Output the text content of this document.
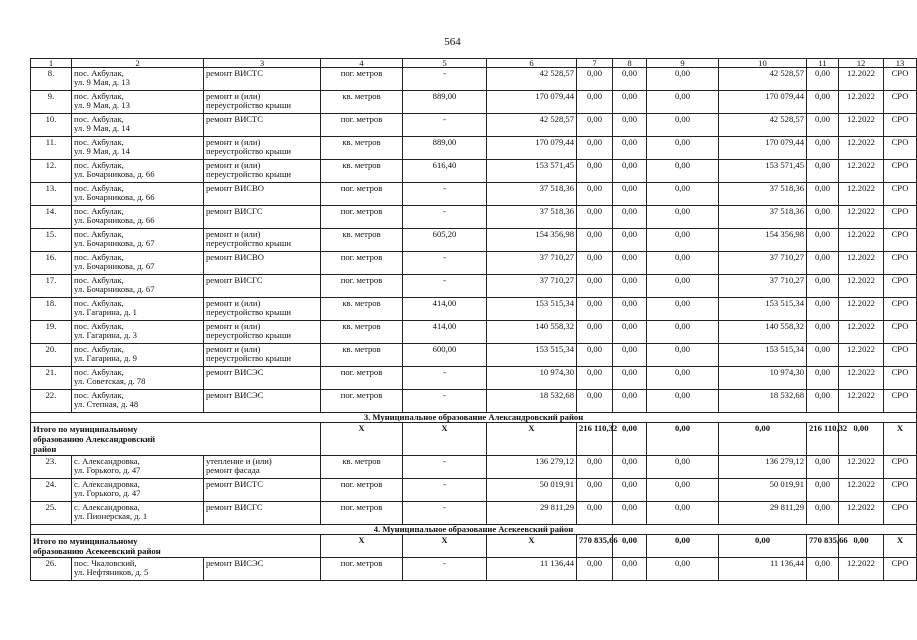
564
1	2	3	4	5	6	7	8	9	10	11	12	13	
8.	пос. Акбулак,
ул. 9 Мая, д. 13	ремонт ВИСТС	пог. метров	-	42 528,57	0,00	0,00	0,00	42 528,57	0,00	12.2022	СРО	
9.	пос. Акбулак,
ул. 9 Мая, д. 13	ремонт и (или)
переустройство крыши	кв. метров	889,00	170 079,44	0,00	0,00	0,00	170 079,44	0,00	12.2022	СРО	
10.	пос. Акбулак,
ул. 9 Мая, д. 14	ремонт ВИСТС	пог. метров	-	42 528,57	0,00	0,00	0,00	42 528,57	0,00	12.2022	СРО	
11.	пос. Акбулак,
ул. 9 Мая, д. 14	ремонт и (или)
переустройство крыши	кв. метров	889,00	170 079,44	0,00	0,00	0,00	170 079,44	0,00	12.2022	СРО	
12.	пос. Акбулак,
ул. Бочарникова, д. 66	ремонт и (или)
переустройство крыши	кв. метров	616,40	153 571,45	0,00	0,00	0,00	153 571,45	0,00	12.2022	СРО	
13.	пос. Акбулак,
ул. Бочарникова, д. 66	ремонт ВИСВО	пог. метров	-	37 518,36	0,00	0,00	0,00	37 518,36	0,00	12.2022	СРО	
14.	пос. Акбулак,
ул. Бочарникова, д. 66	ремонт ВИСГС	пог. метров	-	37 518,36	0,00	0,00	0,00	37 518,36	0,00	12.2022	СРО	
15.	пос. Акбулак,
ул. Бочарникова, д. 67	ремонт и (или)
переустройство крыши	кв. метров	605,20	154 356,98	0,00	0,00	0,00	154 356,98	0,00	12.2022	СРО	
16.	пос. Акбулак,
ул. Бочарникова, д. 67	ремонт ВИСВО	пог. метров	-	37 710,27	0,00	0,00	0,00	37 710,27	0,00	12.2022	СРО	
17.	пос. Акбулак,
ул. Бочарникова, д. 67	ремонт ВИСГС	пог. метров	-	37 710,27	0,00	0,00	0,00	37 710,27	0,00	12.2022	СРО	
18.	пос. Акбулак,
ул. Гагарина, д. 1	ремонт и (или)
переустройство крыши	кв. метров	414,00	153 515,34	0,00	0,00	0,00	153 515,34	0,00	12.2022	СРО	
19.	пос. Акбулак,
ул. Гагарина, д. 3	ремонт и (или)
переустройство крыши	кв. метров	414,00	140 558,32	0,00	0,00	0,00	140 558,32	0,00	12.2022	СРО	
20.	пос. Акбулак,
ул. Гагарина, д. 9	ремонт и (или)
переустройство крыши	кв. метров	600,00	153 515,34	0,00	0,00	0,00	153 515,34	0,00	12.2022	СРО	
21.	пос. Акбулак,
ул. Советская, д. 78	ремонт ВИСЭС	пог. метров	-	10 974,30	0,00	0,00	0,00	10 974,30	0,00	12.2022	СРО	
22.	пос. Акбулак,
ул. Степная, д. 48	ремонт ВИСЭС	пог. метров	-	18 532,68	0,00	0,00	0,00	18 532,68	0,00	12.2022	СРО	
3. Муниципальное образование Александровский район													
Итого по муниципальному
образованию Александровский
район			X	X	X	216 110,32	0,00	0,00	0,00	216 110,32	0,00	X	
23.	с. Александровка,
ул. Горького, д. 47	утепление и (или)
ремонт фасада	кв. метров	-	136 279,12	0,00	0,00	0,00	136 279,12	0,00	12.2022	СРО	
24.	с. Александровка,
ул. Горького, д. 47	ремонт ВИСТС	пог. метров	-	50 019,91	0,00	0,00	0,00	50 019,91	0,00	12.2022	СРО	
25.	с. Александровка,
ул. Пионерская, д. 1	ремонт ВИСГС	пог. метров	-	29 811,29	0,00	0,00	0,00	29 811,29	0,00	12.2022	СРО	
4. Муниципальное образование Асекеевский район													
Итого по муниципальному
образованию Асекеевский район			X	X	X	770 835,66	0,00	0,00	0,00	770 835,66	0,00	X	
26.	пос. Чкаловский,
ул. Нефтяников, д. 5	ремонт ВИСЭС	пог. метров	-	11 136,44	0,00	0,00	0,00	11 136,44	0,00	12.2022	СРО	
